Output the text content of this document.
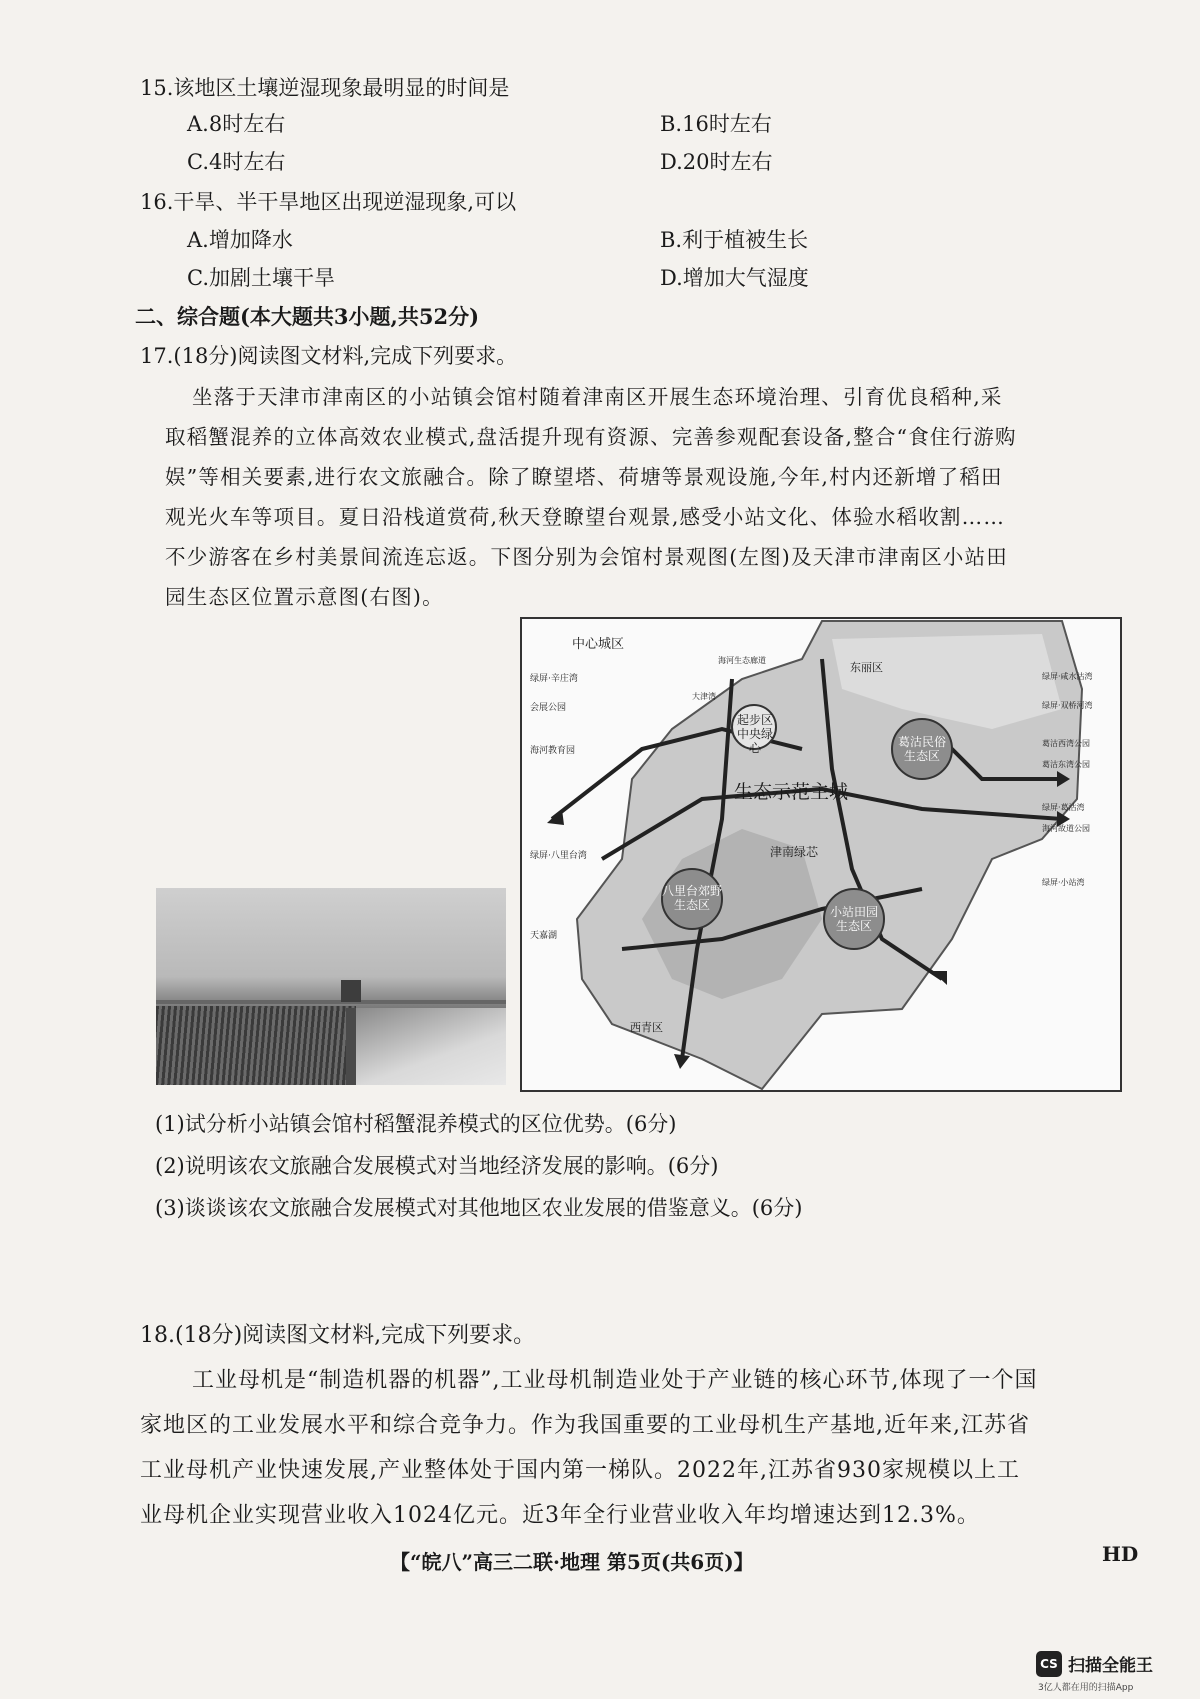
15.该地区土壤逆湿现象最明显的时间是
A.8时左右	B.16时左右
C.4时左右	D.20时左右
16.干旱、半干旱地区出现逆湿现象,可以
A.增加降水	B.利于植被生长
C.加剧土壤干旱	D.增加大气湿度
二、综合题(本大题共3小题,共52分)
17.(18分)阅读图文材料,完成下列要求。
坐落于天津市津南区的小站镇会馆村随着津南区开展生态环境治理、引育优良稻种,采
取稻蟹混养的立体高效农业模式,盘活提升现有资源、完善参观配套设备,整合“食住行游购
娱”等相关要素,进行农文旅融合。除了瞭望塔、荷塘等景观设施,今年,村内还新增了稻田
观光火车等项目。夏日沿栈道赏荷,秋天登瞭望台观景,感受小站文化、体验水稻收割……
不少游客在乡村美景间流连忘返。下图分别为会馆村景观图(左图)及天津市津南区小站田
园生态区位置示意图(右图)。
中心城区
生态示范主城
起步区中央绿心	葛沽民俗生态区
八里台郊野生态区	小站田园生态区
津南绿芯
东丽区
西青区
海河生态廊道
大津湾
绿屏·辛庄湾
会展公园
海河教育园
绿屏·八里台湾
天嘉湖
绿屏·咸水沽湾
绿屏·双桥河湾
葛沽西湾公园
葛沽东湾公园
绿屏·葛沽湾
海河故道公园
绿屏·小站湾
(1)试分析小站镇会馆村稻蟹混养模式的区位优势。(6分)
(2)说明该农文旅融合发展模式对当地经济发展的影响。(6分)
(3)谈谈该农文旅融合发展模式对其他地区农业发展的借鉴意义。(6分)
18.(18分)阅读图文材料,完成下列要求。
工业母机是“制造机器的机器”,工业母机制造业处于产业链的核心环节,体现了一个国
家地区的工业发展水平和综合竞争力。作为我国重要的工业母机生产基地,近年来,江苏省
工业母机产业快速发展,产业整体处于国内第一梯队。2022年,江苏省930家规模以上工
业母机企业实现营业收入1024亿元。近3年全行业营业收入年均增速达到12.3%。
【“皖八”高三二联·地理 第5页(共6页)】	HD
CS 扫描全能王
3亿人都在用的扫描App
